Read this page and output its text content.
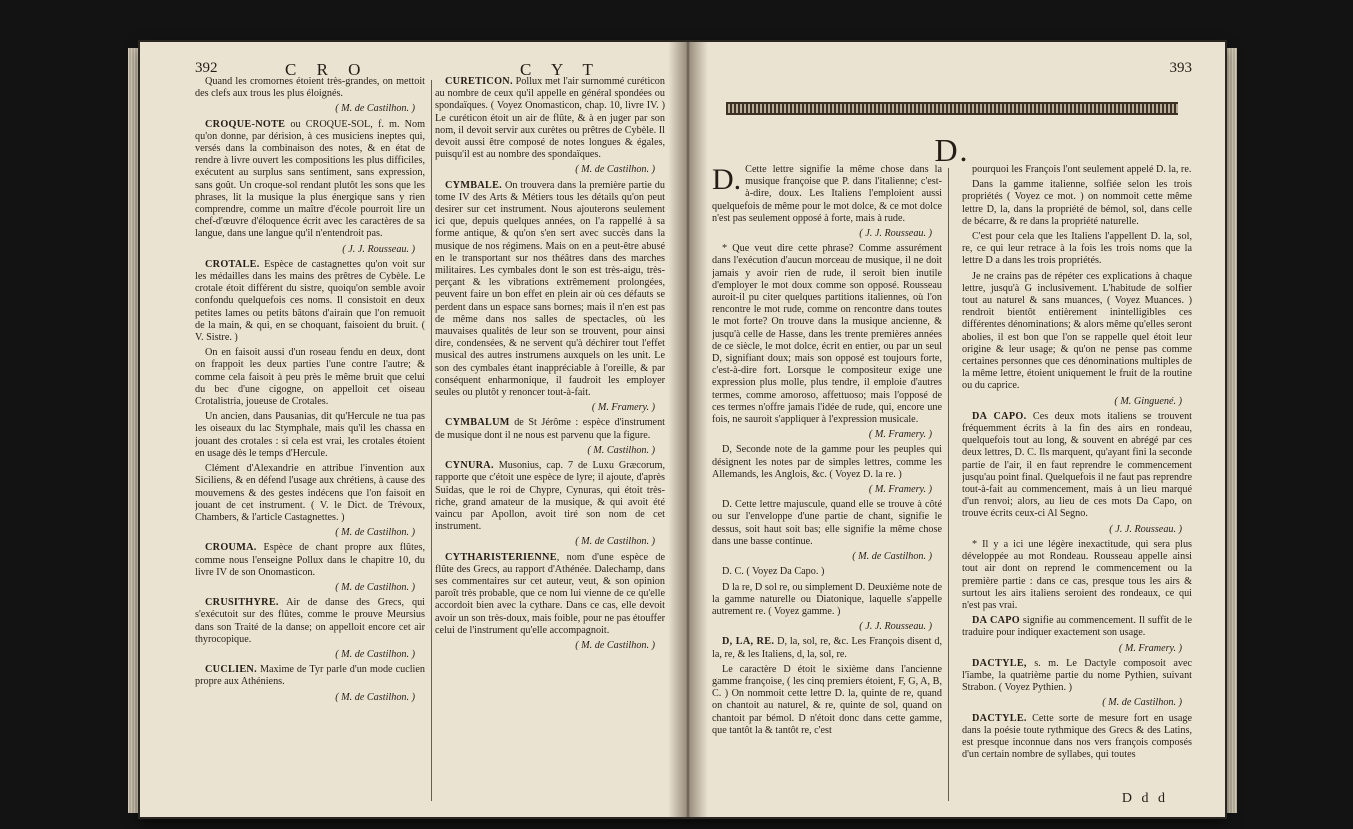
392	C R O	C Y T

Quand les cromornes étoient très-grandes, on mettoit des clefs aux trous les plus éloignés.

( M. de Castilhon. )

CROQUE-NOTE ou CROQUE-SOL, f. m. Nom qu'on donne, par dérision, à ces musiciens ineptes qui, versés dans la combinaison des notes, & en état de rendre à livre ouvert les compositions les plus difficiles, exécutent au surplus sans sentiment, sans expression, sans goût. Un croque-sol rendant plutôt les sons que les phrases, lit la musique la plus énergique sans y rien comprendre, comme un maître d'école pourroit lire un chef-d'œuvre d'éloquence écrit avec les caractères de sa langue, dans une langue qu'il n'entendroit pas.

( J. J. Rousseau. )

CROTALE. Espèce de castagnettes qu'on voit sur les médailles dans les mains des prêtres de Cybèle. Le crotale étoit différent du sistre, quoiqu'on semble avoir confondu quelquefois ces noms. Il consistoit en deux petites lames ou petits bâtons d'airain que l'on remuoit de la main, & qui, en se choquant, faisoient du bruit. ( V. Sistre. )

On en faisoit aussi d'un roseau fendu en deux, dont on frappoit les deux parties l'une contre l'autre; & comme cela faisoit à peu près le même bruit que celui du bec d'une cigogne, on appelloit cet oiseau Crotalistria, joueuse de Crotales.

Un ancien, dans Pausanias, dit qu'Hercule ne tua pas les oiseaux du lac Stymphale, mais qu'il les chassa en jouant des crotales : si cela est vrai, les crotales étoient en usage dès le temps d'Hercule.

Clément d'Alexandrie en attribue l'invention aux Siciliens, & en défend l'usage aux chrétiens, à cause des mouvemens & des gestes indécens que l'on faisoit en jouant de cet instrument. ( V. le Dict. de Trévoux, Chambers, & l'article Castagnettes. )

( M. de Castilhon. )

CROUMA. Espèce de chant propre aux flûtes, comme nous l'enseigne Pollux dans le chapitre 10, du livre IV de son Onomasticon.

( M. de Castilhon. )

CRUSITHYRE. Air de danse des Grecs, qui s'exécutoit sur des flûtes, comme le prouve Meursius dans son Traité de la danse; on appelloit encore cet air thyrocopique.

( M. de Castilhon. )

CUCLIEN. Maxime de Tyr parle d'un mode cuclien propre aux Athéniens.

( M. de Castilhon. )

CURETICON. Pollux met l'air surnommé curéticon au nombre de ceux qu'il appelle en général spondées ou spondaïques. ( Voyez Onomasticon, chap. 10, livre IV. ) Le curéticon étoit un air de flûte, & à en juger par son nom, il devoit servir aux curètes ou prêtres de Cybèle. Il devoit aussi être composé de notes longues & égales, puisqu'il est au nombre des spondaïques.

( M. de Castilhon. )

CYMBALE. On trouvera dans la première partie du tome IV des Arts & Métiers tous les détails qu'on peut desirer sur cet instrument. Nous ajouterons seulement ici que, depuis quelques années, on l'a rappellé à sa forme antique, & qu'on s'en sert avec succès dans la musique de nos régimens. Mais on en a peut-être abusé en le transportant sur nos théâtres dans des marches militaires. Les cymbales dont le son est très-aigu, très-perçant & les vibrations extrêmement prolongées, peuvent faire un bon effet en plein air où ces défauts se perdent dans un espace sans bornes; mais il n'en est pas de même dans nos salles de spectacles, où les mauvaises qualités de leur son se trouvent, pour ainsi dire, condensées, & ne servent qu'à déchirer tout l'effet musical des autres instrumens auxquels on les unit. Le son des cymbales étant inappréciable à l'oreille, & par conséquent enharmonique, il faudroit les employer seules ou plutôt y renoncer tout-à-fait.

( M. Framery. )

CYMBALUM de St Jérôme : espèce d'instrument de musique dont il ne nous est parvenu que la figure.

( M. Castilhon. )

CYNURA. Musonius, cap. 7 de Luxu Græcorum, rapporte que c'étoit une espèce de lyre; il ajoute, d'après Suidas, que le roi de Chypre, Cynuras, qui étoit très-riche, grand amateur de la musique, & qui avoit été vaincu par Apollon, avoit tiré son nom de cet instrument.

( M. de Castilhon. )

CYTHARISTERIENNE, nom d'une espèce de flûte des Grecs, au rapport d'Athénée. Dalechamp, dans ses commentaires sur cet auteur, veut, & son opinion paroît très probable, que ce nom lui vienne de ce qu'elle accordoit bien avec la cythare. Dans ce cas, elle devoit avoir un son très-doux, mais foible, pour ne pas étouffer celui de l'instrument qu'elle accompagnoit.

( M. de Castilhon. )

393
D.

D. Cette lettre signifie la même chose dans la musique françoise que P. dans l'italienne; c'est-à-dire, doux. Les Italiens l'emploient aussi quelquefois de même pour le mot dolce, & ce mot dolce n'est pas seulement opposé à forte, mais à rude.

( J. J. Rousseau. )

* Que veut dire cette phrase? Comme assurément dans l'exécution d'aucun morceau de musique, il ne doit jamais y avoir rien de rude, il seroit bien inutile d'employer le mot doux comme son opposé. Rousseau auroit-il pu citer quelques partitions italiennes, où l'on rencontre le mot rude, comme on rencontre dans toutes le mot forte? On trouve dans la musique ancienne, & jusqu'à celle de Hasse, dans les trente premières années de ce siècle, le mot dolce, écrit en entier, ou par un seul D, signifiant doux; mais son opposé est toujours forte, c'est-à-dire fort. Lorsque le compositeur exige une expression plus molle, plus tendre, il emploie d'autres termes, comme amoroso, affettuoso; mais l'opposé de ces termes n'offre jamais l'idée de rude, qui, encore une fois, ne sauroit s'appliquer à l'expression musicale.

( M. Framery. )

D, Seconde note de la gamme pour les peuples qui désignent les notes par de simples lettres, comme les Allemands, les Anglois, &c. ( Voyez D. la re. )

( M. Framery. )

D. Cette lettre majuscule, quand elle se trouve à côté ou sur l'enveloppe d'une partie de chant, signifie le dessus, soit haut soit bas; elle signifie la même chose dans une basse continue.

( M. de Castilhon. )

D. C. ( Voyez Da Capo. )

D la re, D sol re, ou simplement D. Deuxième note de la gamme naturelle ou Diatonique, laquelle s'appelle autrement re. ( Voyez gamme. )

( J. J. Rousseau. )

D, LA, RE. D, la, sol, re, &c. Les François disent d, la, re, & les Italiens, d, la, sol, re.

Le caractère D étoit le sixième dans l'ancienne gamme françoise, ( les cinq premiers étoient, F, G, A, B, C. ) On nommoit cette lettre D. la, quinte de re, quand on chantoit au naturel, & re, quinte de sol, quand on chantoit par bémol. D n'étoit donc dans cette gamme, que tantôt la & tantôt re, c'est

pourquoi les François l'ont seulement appelé D. la, re.

Dans la gamme italienne, solfiée selon les trois propriétés ( Voyez ce mot. ) on nommoit cette même lettre D, la, dans la propriété de bémol, sol, dans celle de bécarre, & re dans la propriété naturelle.

C'est pour cela que les Italiens l'appellent D. la, sol, re, ce qui leur retrace à la fois les trois noms que la lettre D a dans les trois propriétés.

Je ne crains pas de répéter ces explications à chaque lettre, jusqu'à G inclusivement. L'habitude de solfier tout au naturel & sans muances, ( Voyez Muances. ) rendroit bientôt entièrement inintelligibles ces différentes dénominations; & alors même qu'elles seront abolies, il est bon que l'on se rappelle quel étoit leur origine & leur usage; & qu'on ne pense pas comme certaines personnes que ces dénominations multiples de la même lettre, étoient uniquement le fruit de la routine ou du caprice.

( M. Ginguené. )

DA CAPO. Ces deux mots italiens se trouvent fréquemment écrits à la fin des airs en rondeau, quelquefois tout au long, & souvent en abrégé par ces deux lettres, D. C. Ils marquent, qu'ayant fini la seconde partie de l'air, il en faut reprendre le commencement jusqu'au point final. Quelquefois il ne faut pas reprendre tout-à-fait au commencement, mais à un lieu marqué d'un renvoi; alors, au lieu de ces mots Da Capo, on trouve écrits ceux-ci Al Segno.

( J. J. Rousseau. )

* Il y a ici une légère inexactitude, qui sera plus développée au mot Rondeau. Rousseau appelle ainsi tout air dont on reprend le commencement ou la première partie : dans ce cas, presque tous les airs & surtout les airs italiens seroient des rondeaux, ce qui n'est pas vrai.

DA CAPO signifie au commencement. Il suffit de le traduire pour indiquer exactement son usage.

( M. Framery. )

DACTYLE, s. m. Le Dactyle composoit avec l'ïambe, la quatrième partie du nome Pythien, suivant Strabon. ( Voyez Pythien. )

( M. de Castilhon. )

DACTYLE. Cette sorte de mesure fort en usage dans la poésie toute rythmique des Grecs & des Latins, est presque inconnue dans nos vers françois composés d'un certain nombre de syllabes, qui toutes

D d d
